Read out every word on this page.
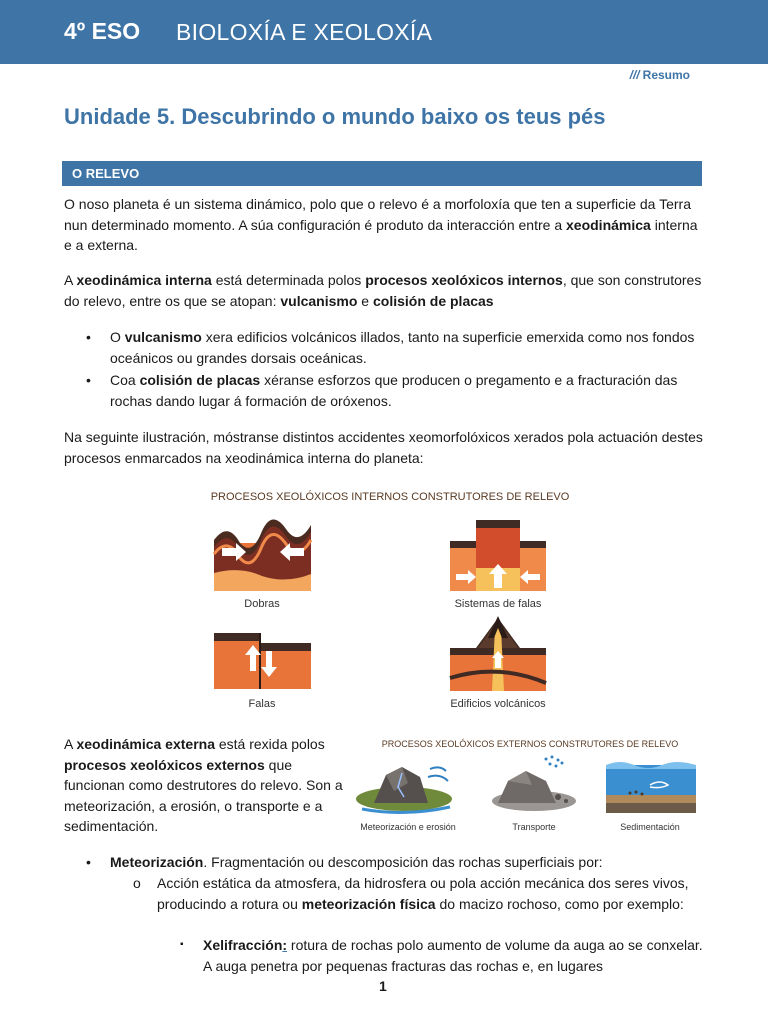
4º ESO BIOLOXÍA E XEOLOXÍA
/// Resumo
Unidade 5. Descubrindo o mundo baixo os teus pés
O RELEVO
O noso planeta é un sistema dinámico, polo que o relevo é a morfoloxía que ten a superficie da Terra nun determinado momento. A súa configuración é produto da interacción entre a xeodinámica interna e a externa.
A xeodinámica interna está determinada polos procesos xeolóxicos internos, que son construtores do relevo, entre os que se atopan: vulcanismo e colisión de placas
• O vulcanismo xera edificios volcánicos illados, tanto na superficie emerxida como nos fondos oceánicos ou grandes dorsais oceánicas.
• Coa colisión de placas xéranse esforzos que producen o pregamento e a fracturación das rochas dando lugar á formación de oróxenos.
Na seguinte ilustración, móstranse distintos accidentes xeomorfolóxicos xerados pola actuación destes procesos enmarcados na xeodinámica interna do planeta:
PROCESOS XEOLÓXICOS INTERNOS CONSTRUTORES DE RELEVO
Dobras	Sistemas de falas
Falas	Edificios volcánicos
A xeodinámica externa está rexida polos procesos xeolóxicos externos que funcionan como destrutores do relevo. Son a meteorización, a erosión, o transporte e a sedimentación.
PROCESOS XEOLÓXICOS EXTERNOS CONSTRUTORES DE RELEVO
Meteorización e erosión	Transporte	Sedimentación
•	Meteorización. Fragmentación ou descomposición das rochas superficiais por:
o	Acción estática da atmosfera, da hidrosfera ou pola acción mecánica dos seres vivos, producindo a rotura ou meteorización física do macizo rochoso, como por exemplo:
▪	Xelifracción: rotura de rochas polo aumento de volume da auga ao se conxelar. A auga penetra por pequenas fracturas das rochas e, en lugares
1
